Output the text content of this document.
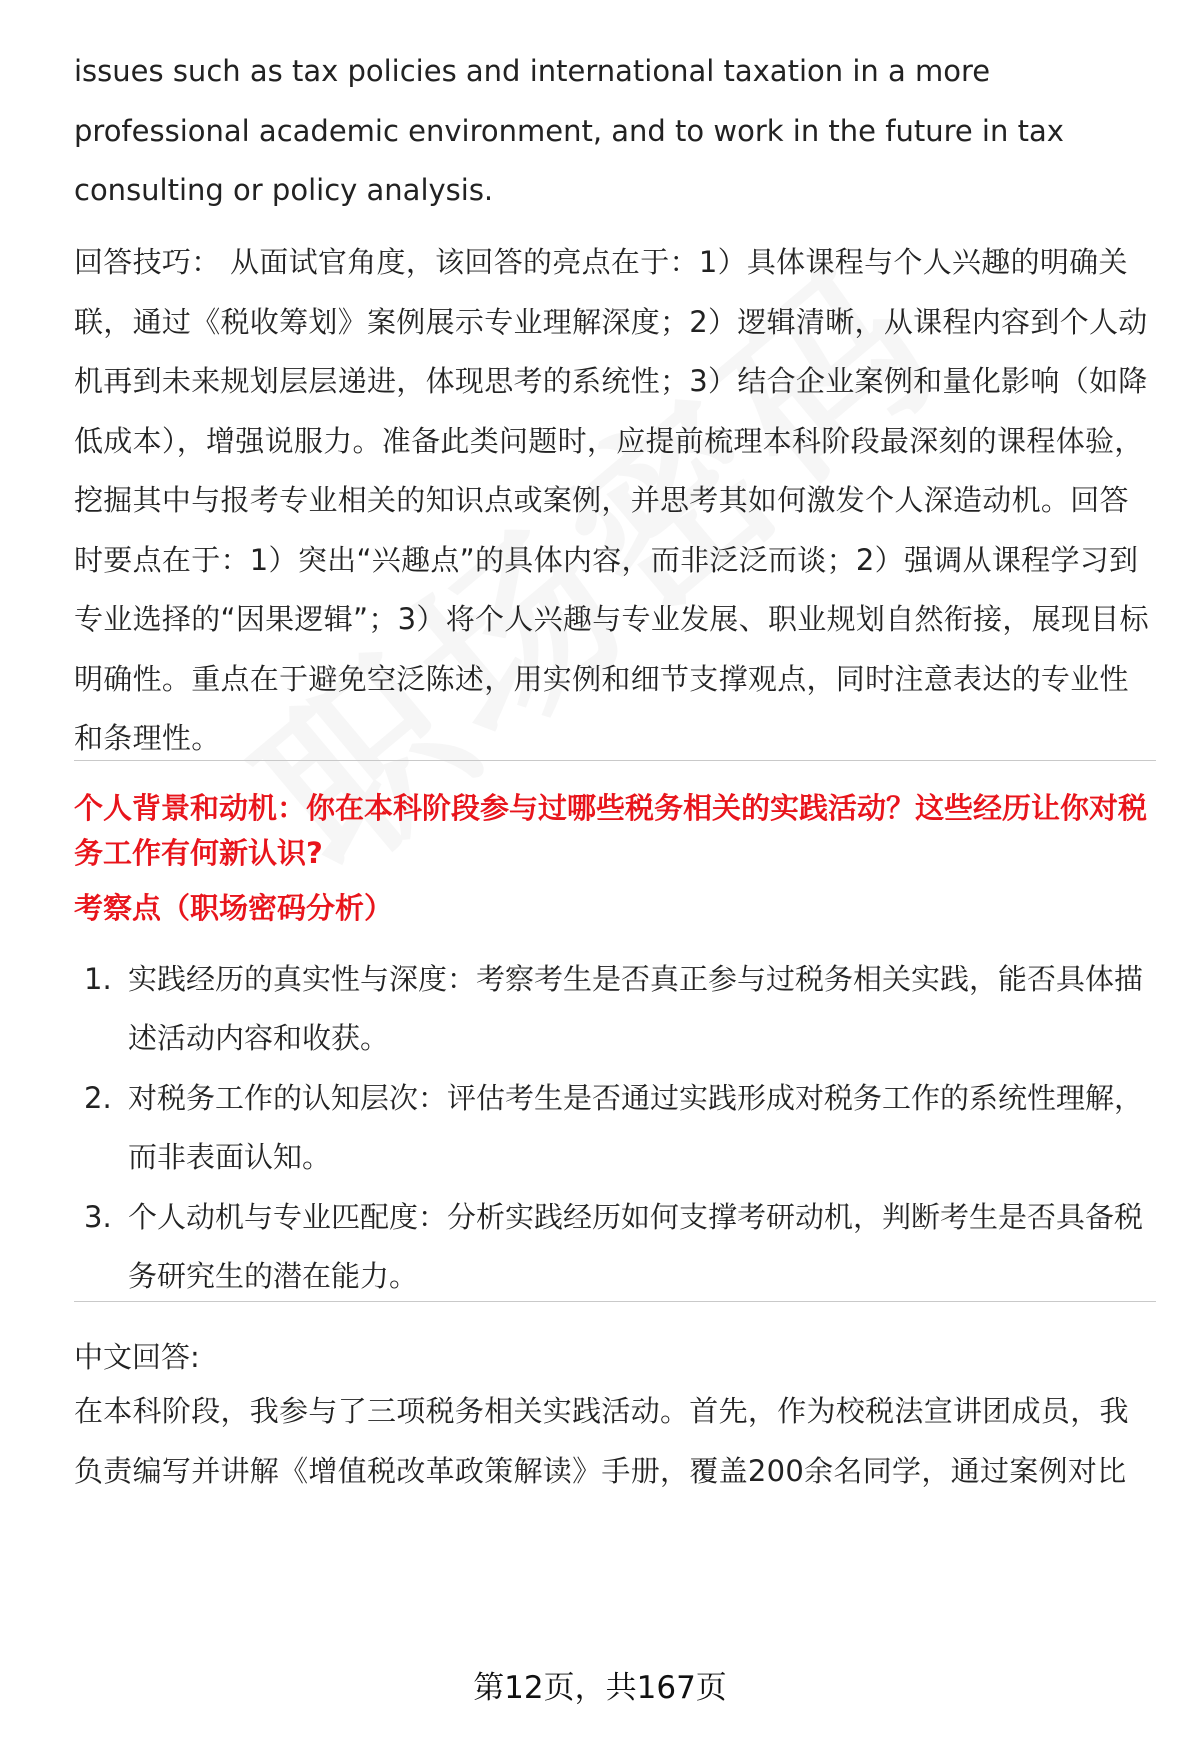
issues such as tax policies and international taxation in a more professional academic environment, and to work in the future in tax consulting or policy analysis.

回答技巧： 从面试官角度，该回答的亮点在于：1）具体课程与个人兴趣的明确关联，通过《税收筹划》案例展示专业理解深度；2）逻辑清晰，从课程内容到个人动机再到未来规划层层递进，体现思考的系统性；3）结合企业案例和量化影响（如降低成本），增强说服力。准备此类问题时，应提前梳理本科阶段最深刻的课程体验，挖掘其中与报考专业相关的知识点或案例，并思考其如何激发个人深造动机。回答时要点在于：1）突出“兴趣点”的具体内容，而非泛泛而谈；2）强调从课程学习到专业选择的“因果逻辑”；3）将个人兴趣与专业发展、职业规划自然衔接，展现目标明确性。重点在于避免空泛陈述，用实例和细节支撑观点，同时注意表达的专业性和条理性。

个人背景和动机：你在本科阶段参与过哪些税务相关的实践活动？这些经历让你对税务工作有何新认识?

考察点（职场密码分析）

1. 实践经历的真实性与深度：考察考生是否真正参与过税务相关实践，能否具体描述活动内容和收获。
2. 对税务工作的认知层次：评估考生是否通过实践形成对税务工作的系统性理解，而非表面认知。
3. 个人动机与专业匹配度：分析实践经历如何支撑考研动机，判断考生是否具备税务研究生的潜在能力。

中文回答:

在本科阶段，我参与了三项税务相关实践活动。首先，作为校税法宣讲团成员，我负责编写并讲解《增值税改革政策解读》手册，覆盖200余名同学，通过案例对比

第12页，共167页
